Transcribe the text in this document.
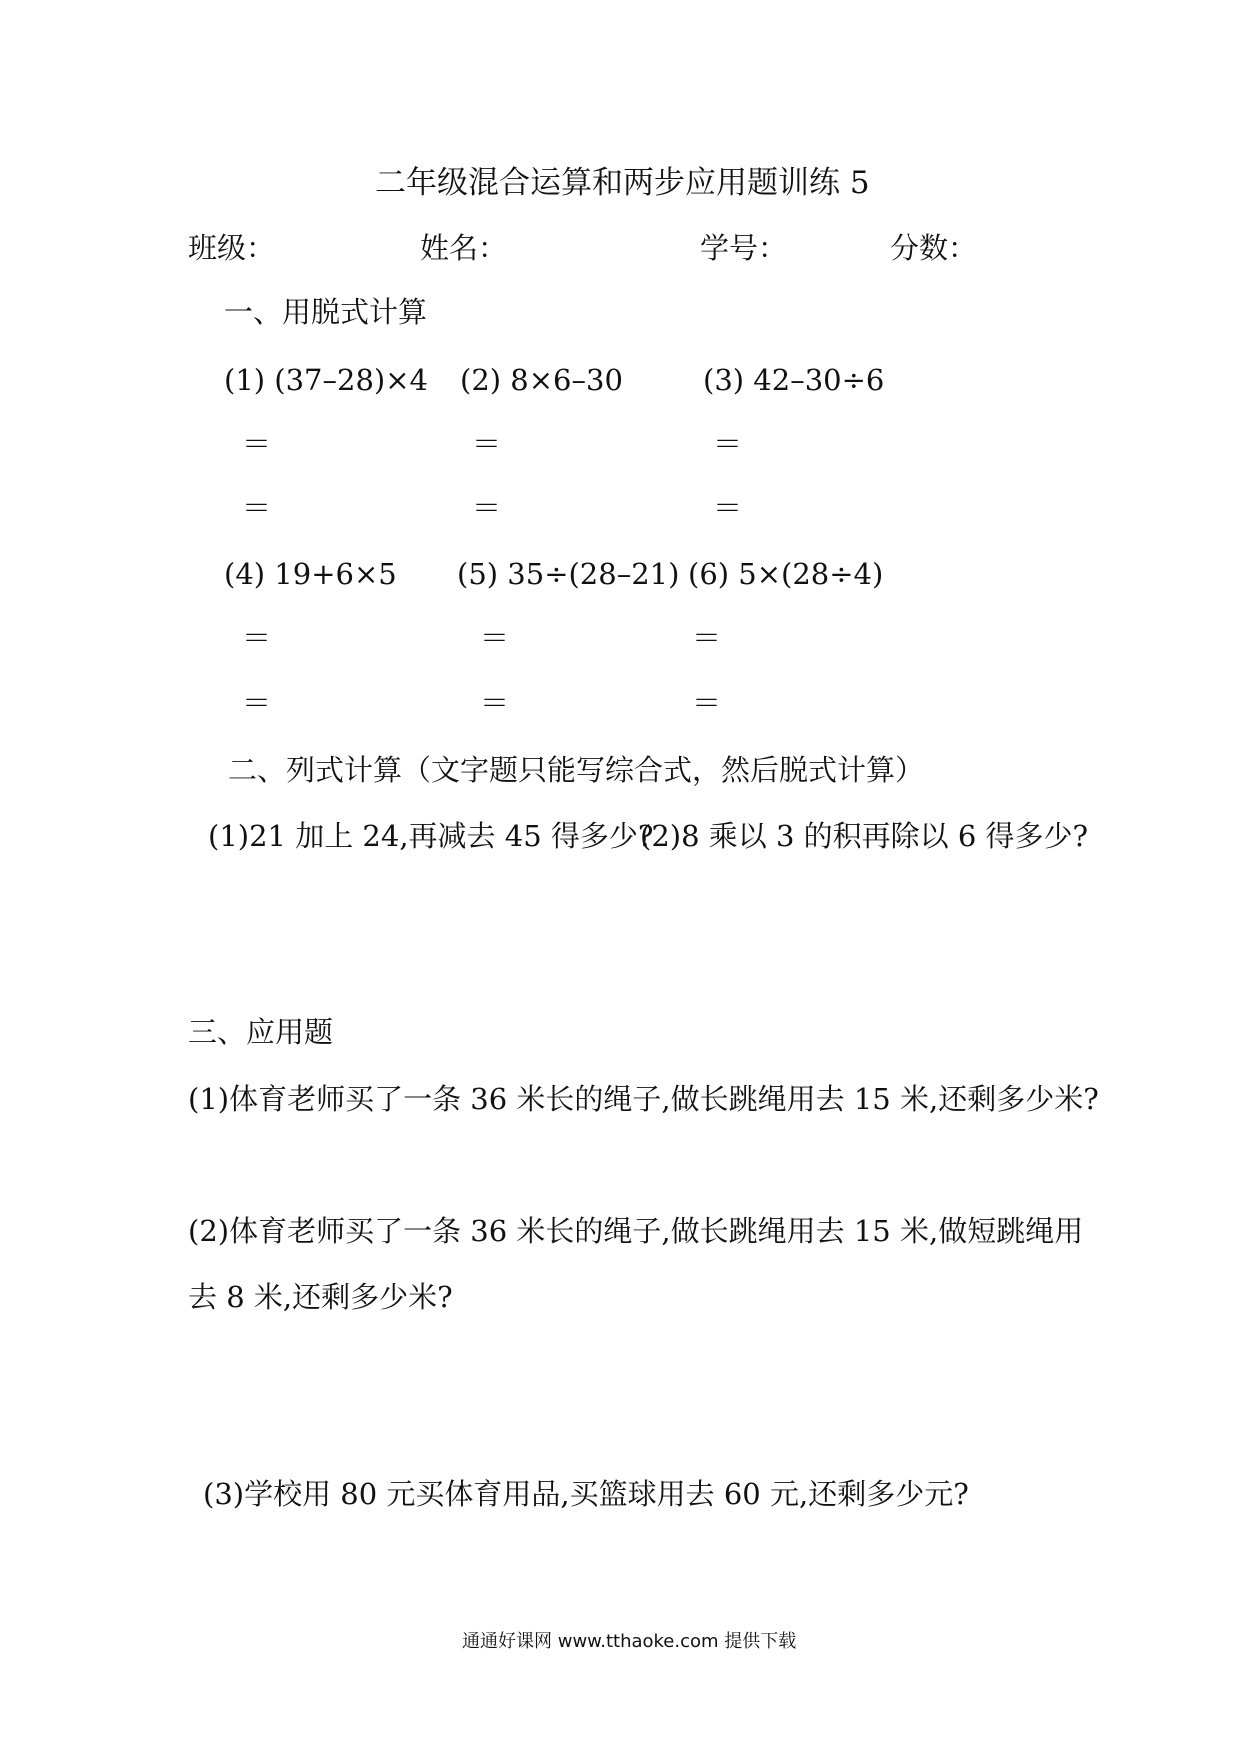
二年级混合运算和两步应用题训练 5
班级：	姓名：	学号：	分数：
一、用脱式计算
(1) (37–28)×4 (2) 8×6–30	(3) 42–30÷6
＝	＝	＝
＝	＝	＝
(4) 19+6×5 (5) 35÷(28–21) (6) 5×(28÷4)
＝	＝	＝
＝	＝	＝
二、列式计算（文字题只能写综合式，然后脱式计算）
(1)21 加上 24,再减去 45 得多少?
(2)8 乘以 3 的积再除以 6 得多少?
三、应用题
(1)体育老师买了一条 36 米长的绳子,做长跳绳用去 15 米,还剩多少米?
(2)体育老师买了一条 36 米长的绳子,做长跳绳用去 15 米,做短跳绳用
去 8 米,还剩多少米?
(3)学校用 80 元买体育用品,买篮球用去 60 元,还剩多少元?
通通好课网 www.tthaoke.com 提供下载
